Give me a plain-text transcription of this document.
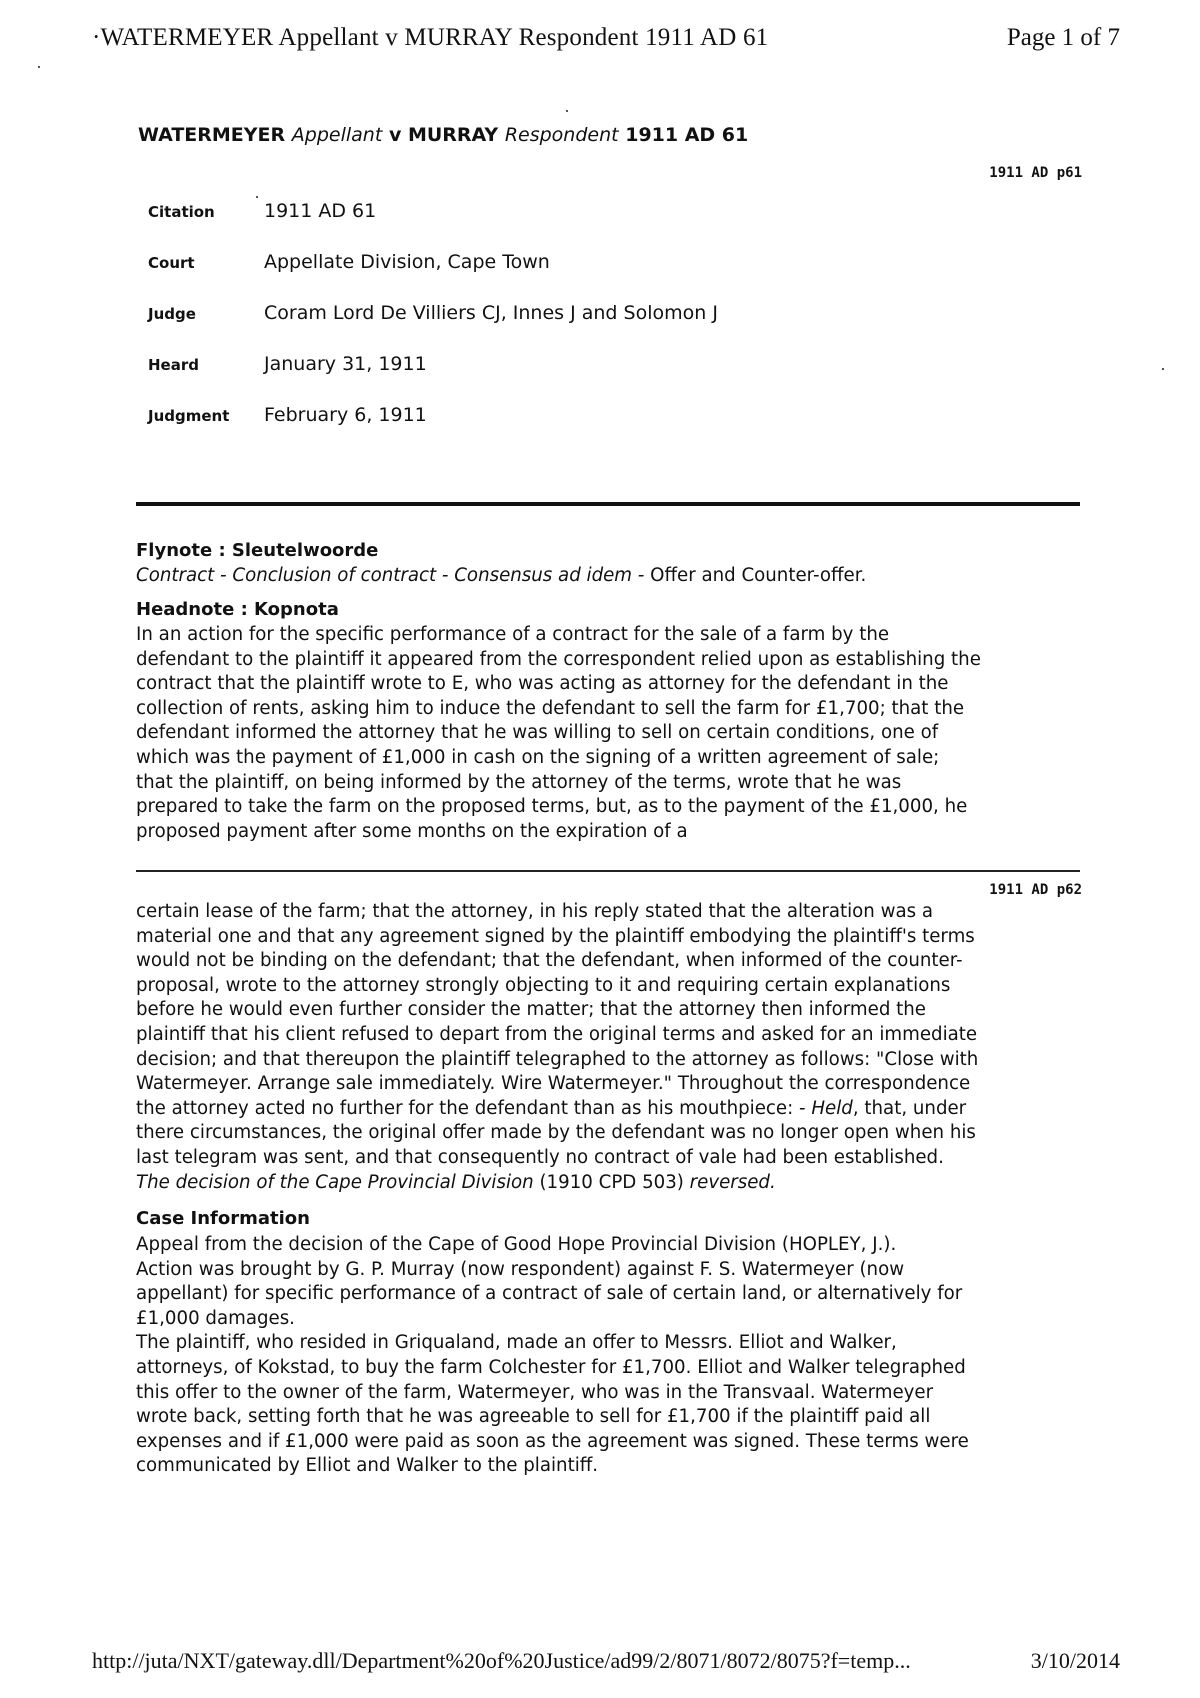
·WATERMEYER Appellant v MURRAY Respondent 1911 AD 61	Page 1 of 7
WATERMEYER Appellant v MURRAY Respondent 1911 AD 61
1911 AD p61
Citation	1911 AD 61
Court	Appellate Division, Cape Town
Judge	Coram Lord De Villiers CJ, Innes J and Solomon J
Heard	January 31, 1911
Judgment February 6, 1911
Flynote : Sleutelwoorde
Contract - Conclusion of contract - Consensus ad idem - Offer and Counter-offer.
Headnote : Kopnota
In an action for the specific performance of a contract for the sale of a farm by the
defendant to the plaintiff it appeared from the correspondent relied upon as establishing the
contract that the plaintiff wrote to E, who was acting as attorney for the defendant in the
collection of rents, asking him to induce the defendant to sell the farm for £1,700; that the
defendant informed the attorney that he was willing to sell on certain conditions, one of
which was the payment of £1,000 in cash on the signing of a written agreement of sale;
that the plaintiff, on being informed by the attorney of the terms, wrote that he was
prepared to take the farm on the proposed terms, but, as to the payment of the £1,000, he
proposed payment after some months on the expiration of a
1911 AD p62
certain lease of the farm; that the attorney, in his reply stated that the alteration was a
material one and that any agreement signed by the plaintiff embodying the plaintiff's terms
would not be binding on the defendant; that the defendant, when informed of the counter-
proposal, wrote to the attorney strongly objecting to it and requiring certain explanations
before he would even further consider the matter; that the attorney then informed the
plaintiff that his client refused to depart from the original terms and asked for an immediate
decision; and that thereupon the plaintiff telegraphed to the attorney as follows: "Close with
Watermeyer. Arrange sale immediately. Wire Watermeyer." Throughout the correspondence
the attorney acted no further for the defendant than as his mouthpiece: - Held, that, under
there circumstances, the original offer made by the defendant was no longer open when his
last telegram was sent, and that consequently no contract of vale had been established.
The decision of the Cape Provincial Division (1910 CPD 503) reversed.
Case Information
Appeal from the decision of the Cape of Good Hope Provincial Division (HOPLEY, J.).
Action was brought by G. P. Murray (now respondent) against F. S. Watermeyer (now
appellant) for specific performance of a contract of sale of certain land, or alternatively for
£1,000 damages.
The plaintiff, who resided in Griqualand, made an offer to Messrs. Elliot and Walker,
attorneys, of Kokstad, to buy the farm Colchester for £1,700. Elliot and Walker telegraphed
this offer to the owner of the farm, Watermeyer, who was in the Transvaal. Watermeyer
wrote back, setting forth that he was agreeable to sell for £1,700 if the plaintiff paid all
expenses and if £1,000 were paid as soon as the agreement was signed. These terms were
communicated by Elliot and Walker to the plaintiff.
http://juta/NXT/gateway.dll/Department%20of%20Justice/ad99/2/8071/8072/8075?f=temp...	3/10/2014
